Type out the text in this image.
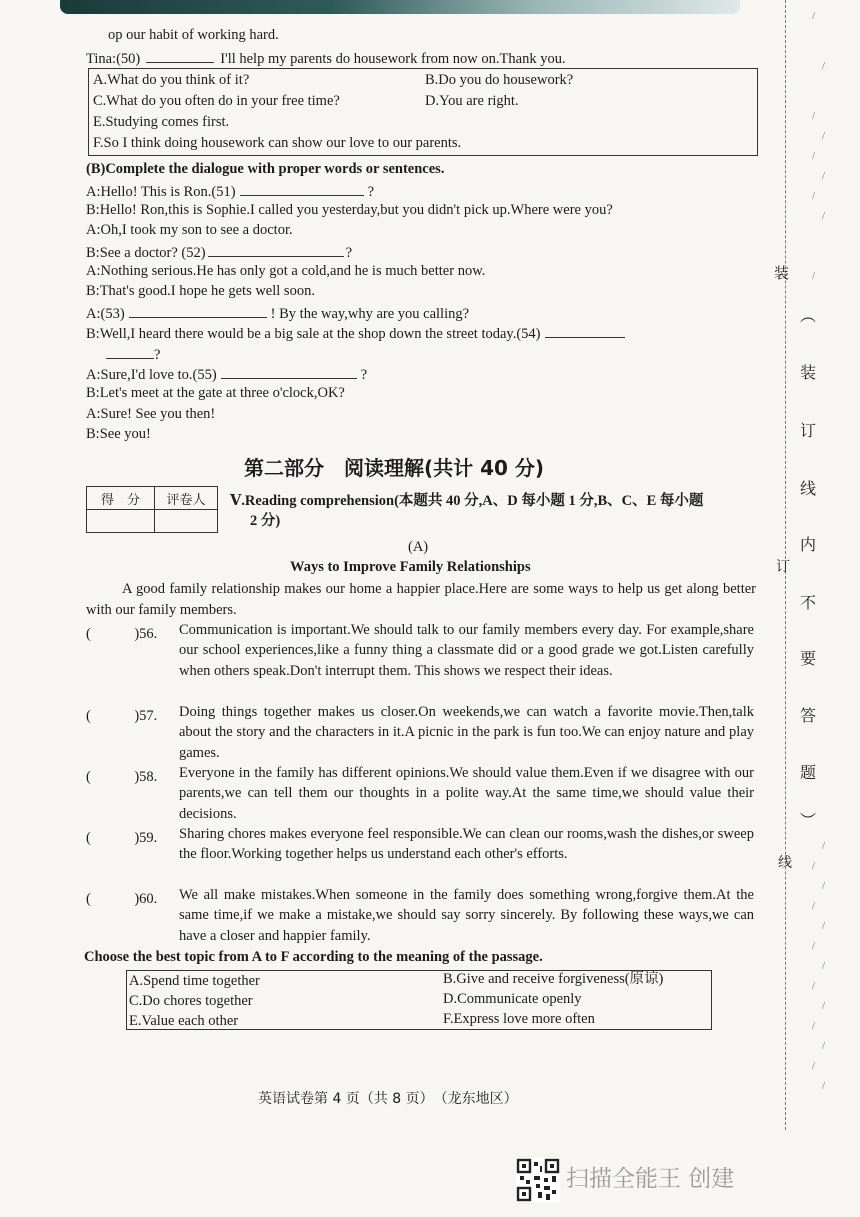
op our habit of working hard.
Tina:(50)	I'll help my parents do housework from now on.Thank you.
A.What do you think of it?	B.Do you do housework?
C.What do you often do in your free time?	D.You are right.
E.Studying comes first.
F.So I think doing housework can show our love to our parents.
(B)Complete the dialogue with proper words or sentences.
A:Hello! This is Ron.(51)	?
B:Hello! Ron,this is Sophie.I called you yesterday,but you didn't pick up.Where were you?
A:Oh,I took my son to see a doctor.
B:See a doctor? (52)	?
A:Nothing serious.He has only got a cold,and he is much better now.
B:That's good.I hope he gets well soon.
A:(53)	! By the way,why are you calling?
B:Well,I heard there would be a big sale at the shop down the street today.(54)
?
A:Sure,I'd love to.(55)	?
B:Let's meet at the gate at three o'clock,OK?
A:Sure! See you then!
B:See you!
第二部分　阅读理解(共计 40 分)
得　分	评卷人
	Ⅴ.Reading comprehension(本题共 40 分,A、D 每小题 1 分,B、C、E 每小题
2 分)
(A)
Ways to Improve Family Relationships
A good family relationship makes our home a happier place.Here are some ways to help us get along better with our family members.
(　　　)56. Communication is important.We should talk to our family members every day. For example,share our school experiences,like a funny thing a classmate did or a good grade we got.Listen carefully when others speak.Don't interrupt them. This shows we respect their ideas.
(　　　)57. Doing things together makes us closer.On weekends,we can watch a favorite movie.Then,talk about the story and the characters in it.A picnic in the park is fun too.We can enjoy nature and play games.
(　　　)58. Everyone in the family has different opinions.We should value them.Even if we disagree with our parents,we can tell them our thoughts in a polite way.At the same time,we should value their decisions.
(　　　)59. Sharing chores makes everyone feel responsible.We can clean our rooms,wash the dishes,or sweep the floor.Working together helps us understand each other's efforts.
(　　　)60. We all make mistakes.When someone in the family does something wrong,forgive them.At the same time,if we make a mistake,we should say sorry sincerely. By following these ways,we can have a closer and happier family.
Choose the best topic from A to F according to the meaning of the passage.
A.Spend time together	B.Give and receive forgiveness(原谅)
C.Do chores together	D.Communicate openly
E.Value each other	F.Express love more often
装
︵
装
订
线
内
订
不
要
答
题
︶
线
/
/
/
/
/
/
/
/
/
/
/
/
/
/
/
/
/
/
/
/
/
/
英语试卷第 4 页（共 8 页）　（龙东地区）
扫描全能王 创建
